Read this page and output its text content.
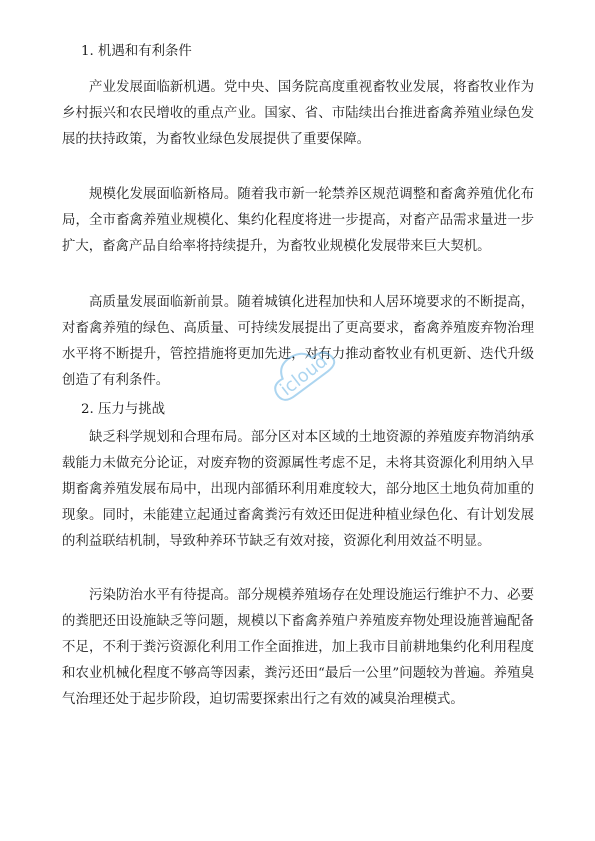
1. 机遇和有利条件

产业发展面临新机遇。党中央、国务院高度重视畜牧业发展，将畜牧业作为乡村振兴和农民增收的重点产业。国家、省、市陆续出台推进畜禽养殖业绿色发展的扶持政策，为畜牧业绿色发展提供了重要保障。

规模化发展面临新格局。随着我市新一轮禁养区规范调整和畜禽养殖优化布局，全市畜禽养殖业规模化、集约化程度将进一步提高，对畜产品需求量进一步扩大，畜禽产品自给率将持续提升，为畜牧业规模化发展带来巨大契机。

高质量发展面临新前景。随着城镇化进程加快和人居环境要求的不断提高，对畜禽养殖的绿色、高质量、可持续发展提出了更高要求，畜禽养殖废弃物治理水平将不断提升，管控措施将更加先进，对有力推动畜牧业有机更新、迭代升级创造了有利条件。

2. 压力与挑战

缺乏科学规划和合理布局。部分区对本区域的土地资源的养殖废弃物消纳承载能力未做充分论证，对废弃物的资源属性考虑不足，未将其资源化利用纳入早期畜禽养殖发展布局中，出现内部循环利用难度较大，部分地区土地负荷加重的现象。同时，未能建立起通过畜禽粪污有效还田促进种植业绿色化、有计划发展的利益联结机制，导致种养环节缺乏有效对接，资源化利用效益不明显。

污染防治水平有待提高。部分规模养殖场存在处理设施运行维护不力、必要的粪肥还田设施缺乏等问题，规模以下畜禽养殖户养殖废弃物处理设施普遍配备不足，不利于粪污资源化利用工作全面推进，加上我市目前耕地集约化利用程度和农业机械化程度不够高等因素，粪污还田“最后一公里”问题较为普遍。养殖臭气治理还处于起步阶段，迫切需要探索出行之有效的减臭治理模式。

icloud
